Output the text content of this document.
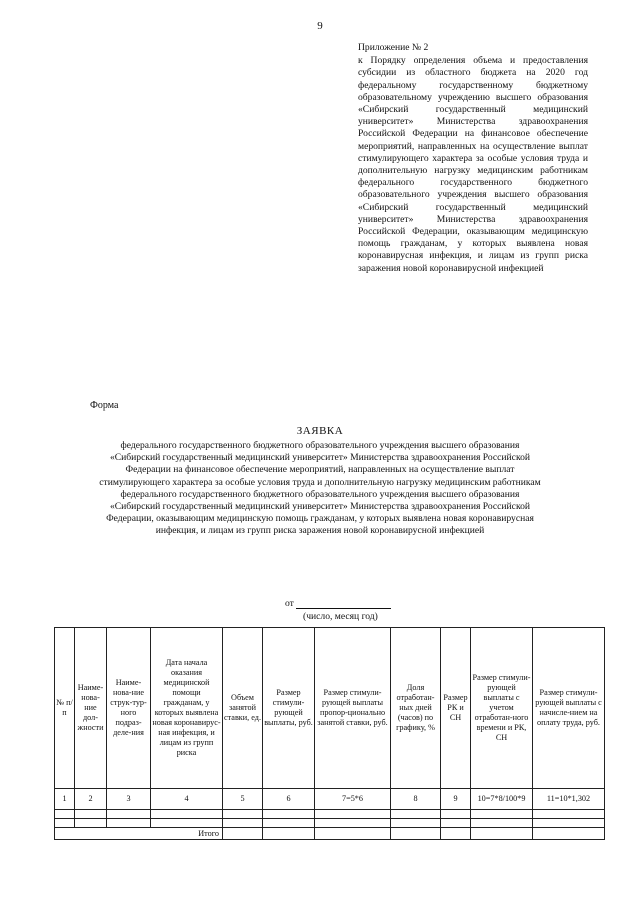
9
Приложение № 2
к Порядку определения объема и предоставления субсидии из областного бюджета на 2020 год федеральному государственному бюджетному образовательному учреждению высшего образования «Сибирский государственный медицинский университет» Министерства здравоохранения Российской Федерации на финансовое обеспечение мероприятий, направленных на осуществление выплат стимулирующего характера за особые условия труда и дополнительную нагрузку медицинским работникам федерального государственного бюджетного образовательного учреждения высшего образования «Сибирский государственный медицинский университет» Министерства здравоохранения Российской Федерации, оказывающим медицинскую помощь гражданам, у которых выявлена новая коронавирусная инфекция, и лицам из групп риска заражения новой коронавирусной инфекцией
Форма
ЗАЯВКА
федерального государственного бюджетного образовательного учреждения высшего образования «Сибирский государственный медицинский университет» Министерства здравоохранения Российской Федерации на финансовое обеспечение мероприятий, направленных на осуществление выплат стимулирующего характера за особые условия труда и дополнительную нагрузку медицинским работникам федерального государственного бюджетного образовательного учреждения высшего образования «Сибирский государственный медицинский университет» Министерства здравоохранения Российской Федерации, оказывающим медицинскую помощь гражданам, у которых выявлена новая коронавирусная инфекция, и лицам из групп риска заражения новой коронавирусной инфекцией
от
(число, месяц год)
№ п/п	Наиме-нова-ние дол-жности	Наиме-нова-ние струк-тур-ного подраз-деле-ния	Дата начала оказания медицинской помощи гражданам, у которых выявлена новая коронавирус-ная инфекция, и лицам из групп риска	Объем занятой ставки, ед.	Размер стимули-рующей выплаты, руб.	Размер стимули-рующей выплаты пропор-ционально занятой ставки, руб.	Доля отработан-ных дней (часов) по графику, %	Размер РК и СН	Размер стимули-рующей выплаты с учетом отработан-ного времени и РК, СН	Размер стимули-рующей выплаты с начисле-нием на оплату труда, руб.
1	2	3	4	5	6	7=5*6	8	9	10=7*8/100*9	11=10*1,302

Итого										
